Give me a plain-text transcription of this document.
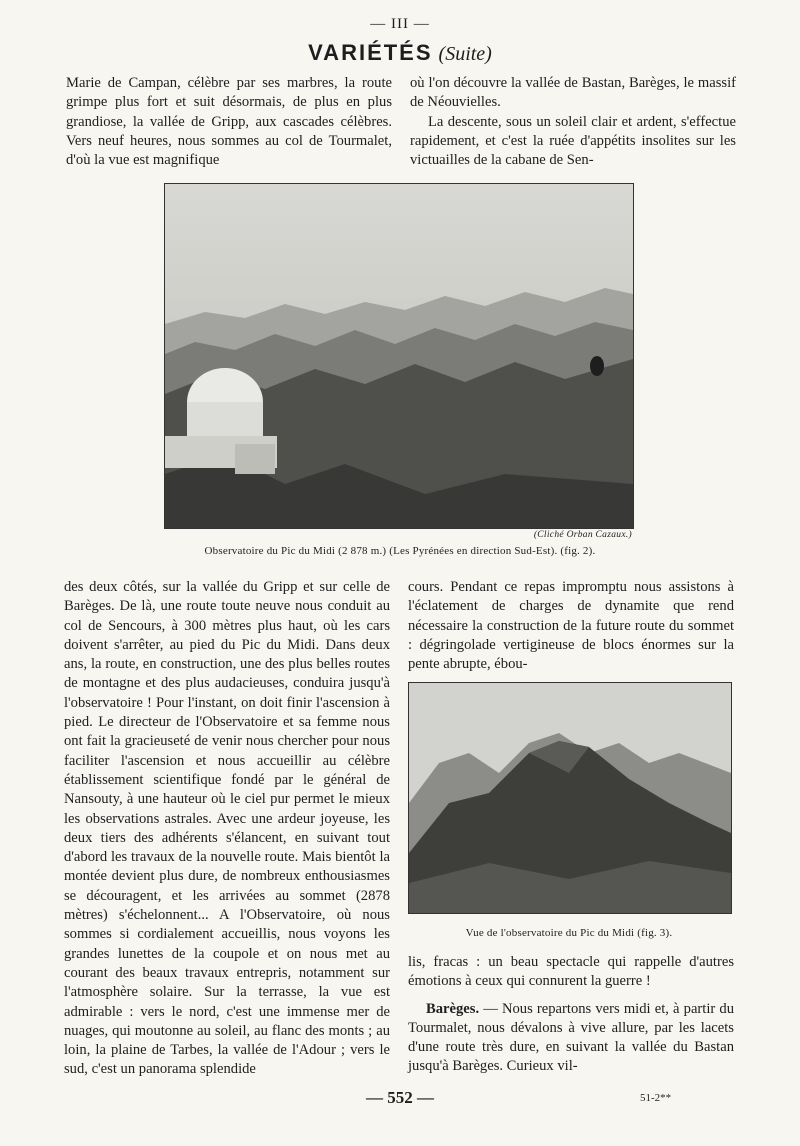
— III —
VARIÉTÉS (Suite)

Marie de Campan, célèbre par ses marbres, la route grimpe plus fort et suit désormais, de plus en plus grandiose, la vallée de Gripp, aux cascades célèbres. Vers neuf heures, nous sommes au col de Tourmalet, d'où la vue est magnifique

où l'on découvre la vallée de Bastan, Barèges, le massif de Néouvielles.

La descente, sous un soleil clair et ardent, s'effectue rapidement, et c'est la ruée d'appétits insolites sur les victuailles de la cabane de Sen-

(Cliché Orban Cazaux.)
Observatoire du Pic du Midi (2 878 m.) (Les Pyrénées en direction Sud-Est). (fig. 2).

des deux côtés, sur la vallée du Gripp et sur celle de Barèges. De là, une route toute neuve nous conduit au col de Sencours, à 300 mètres plus haut, où les cars doivent s'arrêter, au pied du Pic du Midi. Dans deux ans, la route, en construction, une des plus belles routes de montagne et des plus audacieuses, conduira jusqu'à l'observatoire ! Pour l'instant, on doit finir l'ascension à pied. Le directeur de l'Observatoire et sa femme nous ont fait la gracieuseté de venir nous chercher pour nous faciliter l'ascension et nous accueillir au célèbre établissement scientifique fondé par le général de Nansouty, à une hauteur où le ciel pur permet le mieux les observations astrales. Avec une ardeur joyeuse, les deux tiers des adhérents s'élancent, en suivant tout d'abord les travaux de la nouvelle route. Mais bientôt la montée devient plus dure, de nombreux enthousiasmes se découragent, et les arrivées au sommet (2878 mètres) s'échelonnent... A l'Observatoire, où nous sommes si cordialement accueillis, nous voyons les grandes lunettes de la coupole et on nous met au courant des beaux travaux entrepris, notamment sur l'atmosphère solaire. Sur la terrasse, la vue est admirable : vers le nord, c'est une immense mer de nuages, qui moutonne au soleil, au flanc des monts ; au loin, la plaine de Tarbes, la vallée de l'Adour ; vers le sud, c'est un panorama splendide

cours. Pendant ce repas impromptu nous assistons à l'éclatement de charges de dynamite que rend nécessaire la construction de la future route du sommet : dégringolade vertigineuse de blocs énormes sur la pente abrupte, ébou-

Vue de l'observatoire du Pic du Midi (fig. 3).

lis, fracas : un beau spectacle qui rappelle d'autres émotions à ceux qui connurent la guerre !

Barèges. — Nous repartons vers midi et, à partir du Tourmalet, nous dévalons à vive allure, par les lacets d'une route très dure, en suivant la vallée du Bastan jusqu'à Barèges. Curieux vil-

— 552 —	51-2**
